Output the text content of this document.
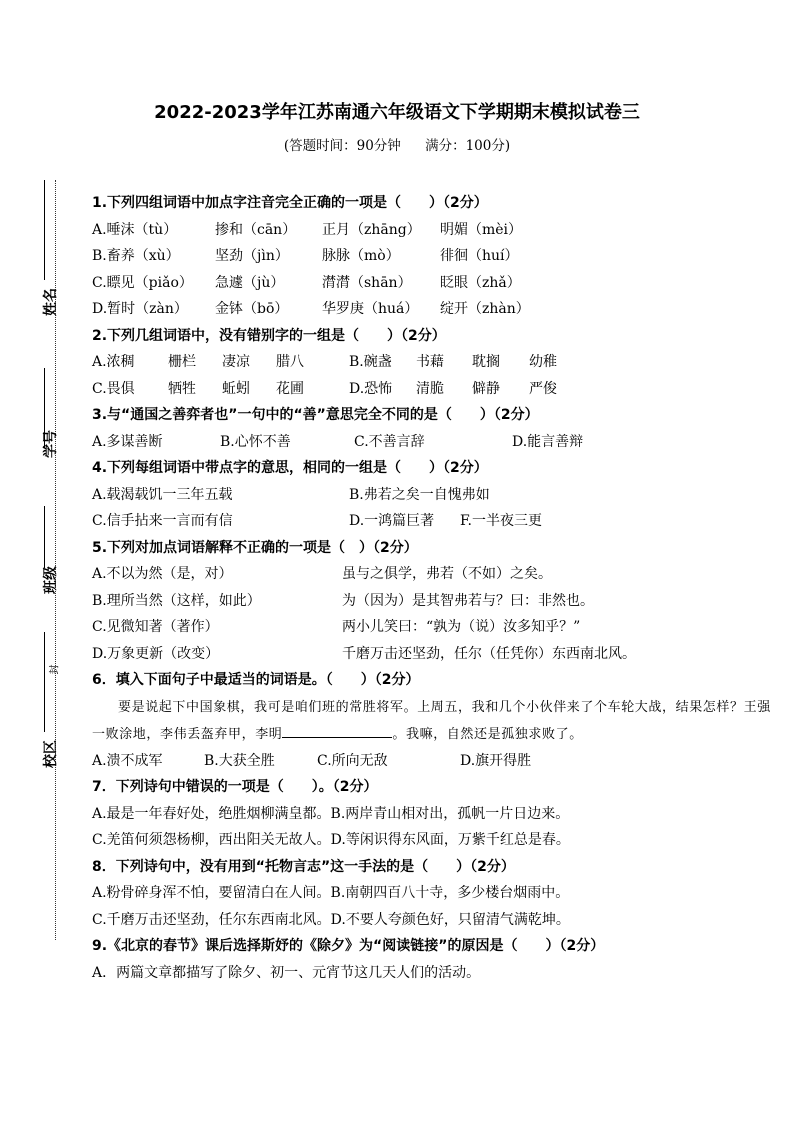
2022-2023学年江苏南通六年级语文下学期期末模拟试卷三
(答题时间：90分钟 满分：100分)
姓名
学号
班级
校区
封
1.下列四组词语中加点字注音完全正确的一项是（　　）（2分）
A.唾沫（tù）	掺和（cān） 正月（zhāng） 明媚（mèi）
B.畜养（xù）	坚劲（jìn） 脉脉（mò）	徘徊（huí）
C.瞟见（piǎo） 急遽（jù）	潸潸（shān） 眨眼（zhǎ）
D.暂时（zàn） 金钵（bō） 华罗庚（huá） 绽开（zhàn）
2.下列几组词语中，没有错别字的一组是（　　）（2分）
A.浓稠 栅栏 凄凉 腊八	B.碗盏 书藉 耽搁 幼稚
C.畏俱 牺牲 蚯蚓 花圃	D.恐怖 清脆 僻静 严俊
3.与“通国之善弈者也”一句中的“善”意思完全不同的是（　　）（2分）
A.多谋善断	B.心怀不善	C.不善言辞	D.能言善辩
4.下列每组词语中带点字的意思，相同的一组是（　　）（2分）
A.载渴载饥一三年五载	B.弗若之矣一自愧弗如
C.信手拈来一言而有信	D.一鸿篇巨著 F.一半夜三更
5.下列对加点词语解释不正确的一项是（　）（2分）
A.不以为然（是，对）	虽与之俱学，弗若（不如）之矣。
B.理所当然（这样，如此）	为（因为）是其智弗若与？曰：非然也。
C.见微知著（著作）	两小儿笑曰：“孰为（说）汝多知乎？”
D.万象更新（改变）	千磨万击还坚劲，任尔（任凭你）东西南北风。
6．填入下面句子中最适当的词语是。（　　）（2分）
要是说起下中国象棋，我可是咱们班的常胜将军。上周五，我和几个小伙伴来了个车轮大战，结果怎样？王强一败涂地，李伟丢盔弃甲，李明	。我嘛，自然还是孤独求败了。
A.溃不成军	B.大获全胜	C.所向无敌	D.旗开得胜
7．下列诗句中错误的一项是（　　）。（2分）
A.最是一年春好处，绝胜烟柳满皇都。B.两岸青山相对出，孤帆一片日边来。
C.羌笛何须怨杨柳，西出阳关无故人。D.等闲识得东风面，万紫千红总是春。
8．下列诗句中，没有用到“托物言志”这一手法的是（　　）（2分）
A.粉骨碎身浑不怕，要留清白在人间。B.南朝四百八十寺，多少楼台烟雨中。
C.千磨万击还坚劲，任尔东西南北风。D.不要人夸颜色好，只留清气满乾坤。
9.《北京的春节》课后选择斯妤的《除夕》为“阅读链接”的原因是（　　）（2分）
A．两篇文章都描写了除夕、初一、元宵节这几天人们的活动。
